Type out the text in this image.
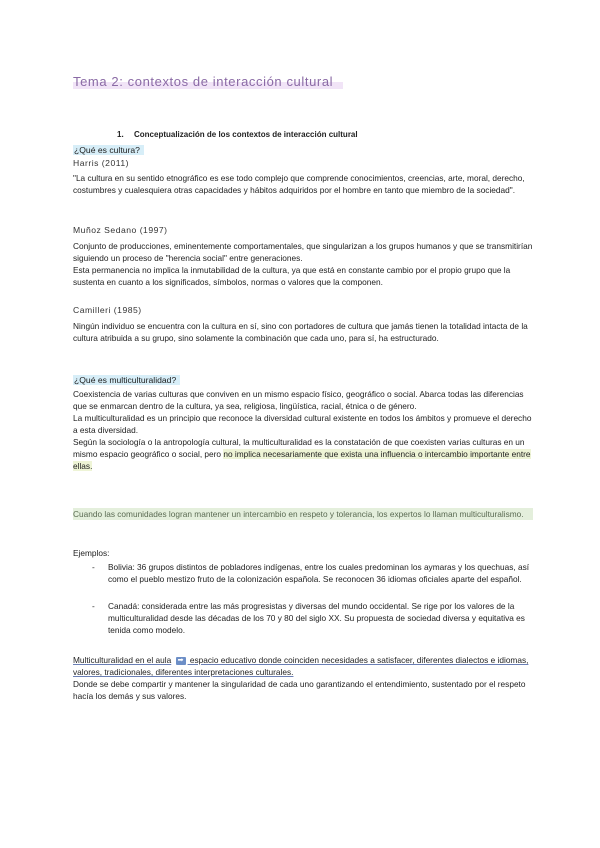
Tema 2: contextos de interacción cultural
1. Conceptualización de los contextos de interacción cultural
¿Qué es cultura?
Harris (2011)

"La cultura en su sentido etnográfico es ese todo complejo que comprende conocimientos, creencias, arte, moral, derecho, costumbres y cualesquiera otras capacidades y hábitos adquiridos por el hombre en tanto que miembro de la sociedad".

Muñoz Sedano (1997)

Conjunto de producciones, eminentemente comportamentales, que singularizan a los grupos humanos y que se transmitirían siguiendo un proceso de "herencia social" entre generaciones.

Esta permanencia no implica la inmutabilidad de la cultura, ya que está en constante cambio por el propio grupo que la sustenta en cuanto a los significados, símbolos, normas o valores que la componen.

Camilleri (1985)

Ningún individuo se encuentra con la cultura en sí, sino con portadores de cultura que jamás tienen la totalidad intacta de la cultura atribuida a su grupo, sino solamente la combinación que cada uno, para sí, ha estructurado.

¿Qué es multiculturalidad?

Coexistencia de varias culturas que conviven en un mismo espacio físico, geográfico o social. Abarca todas las diferencias que se enmarcan dentro de la cultura, ya sea, religiosa, lingüística, racial, étnica o de género.

La multiculturalidad es un principio que reconoce la diversidad cultural existente en todos los ámbitos y promueve el derecho a esta diversidad.

Según la sociología o la antropología cultural, la multiculturalidad es la constatación de que coexisten varias culturas en un mismo espacio geográfico o social, pero no implica necesariamente que exista una influencia o intercambio importante entre ellas.

Cuando las comunidades logran mantener un intercambio en respeto y tolerancia, los expertos lo llaman multiculturalismo.
Ejemplos:
- Bolivia: 36 grupos distintos de pobladores indígenas, entre los cuales predominan los aymaras y los quechuas, así como el pueblo mestizo fruto de la colonización española. Se reconocen 36 idiomas oficiales aparte del español.
- Canadá: considerada entre las más progresistas y diversas del mundo occidental. Se rige por los valores de la multiculturalidad desde las décadas de los 70 y 80 del siglo XX. Su propuesta de sociedad diversa y equitativa es tenida como modelo.

Multiculturalidad en el aula ➡ espacio educativo donde coinciden necesidades a satisfacer, diferentes dialectos e idiomas, valores, tradicionales, diferentes interpretaciones culturales.

Donde se debe compartir y mantener la singularidad de cada uno garantizando el entendimiento, sustentado por el respeto hacía los demás y sus valores.
